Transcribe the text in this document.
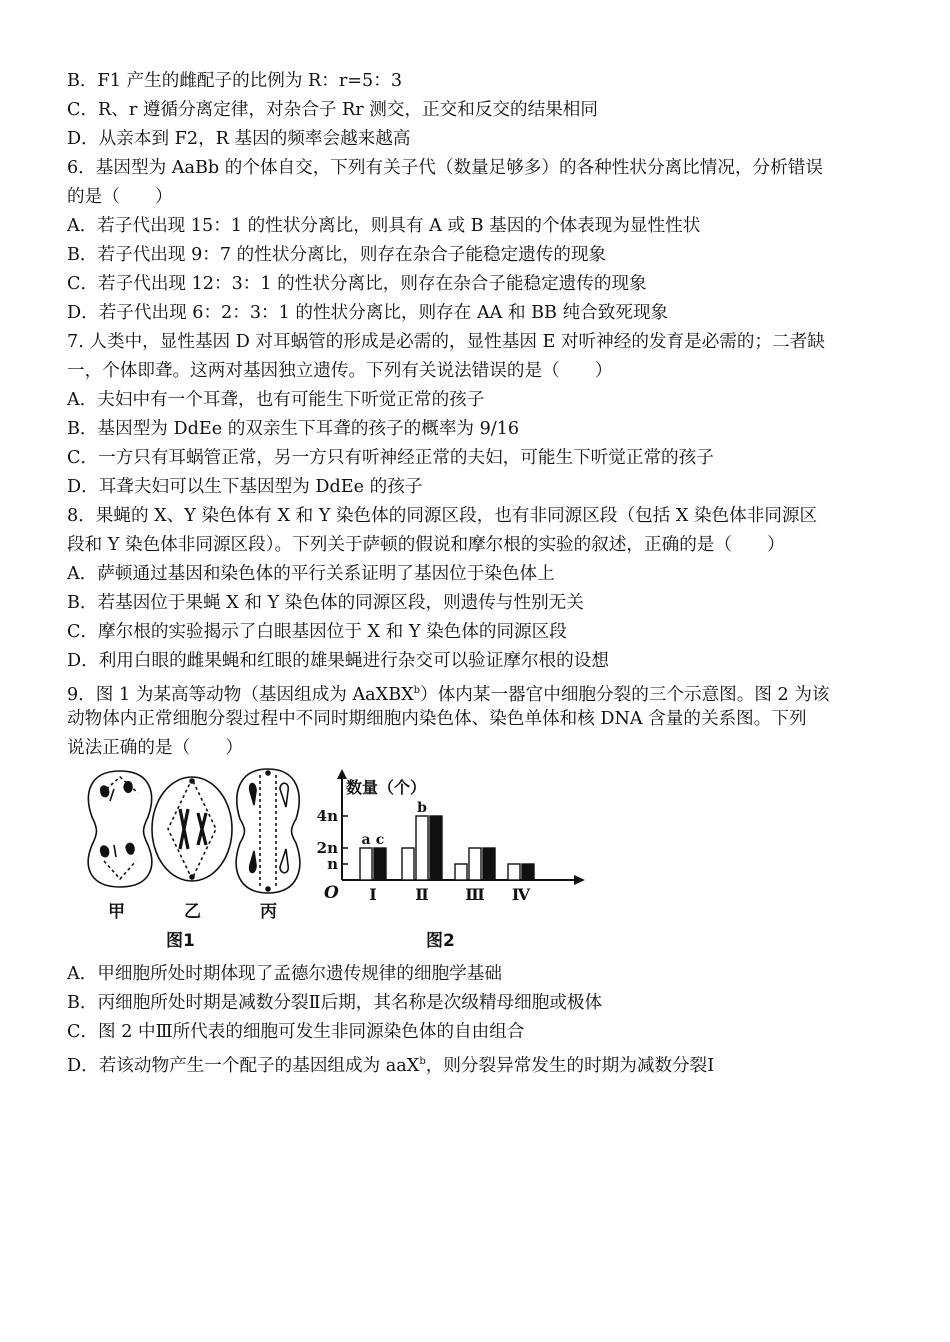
B．F1 产生的雌配子的比例为 R：r=5：3
C．R、r 遵循分离定律，对杂合子 Rr 测交，正交和反交的结果相同
D．从亲本到 F2，R 基因的频率会越来越高
6．基因型为 AaBb 的个体自交，下列有关子代（数量足够多）的各种性状分离比情况，分析错误
的是（　　）
A．若子代出现 15：1 的性状分离比，则具有 A 或 B 基因的个体表现为显性性状
B．若子代出现 9：7 的性状分离比，则存在杂合子能稳定遗传的现象
C．若子代出现 12：3：1 的性状分离比，则存在杂合子能稳定遗传的现象
D．若子代出现 6：2：3：1 的性状分离比，则存在 AA 和 BB 纯合致死现象
7. 人类中，显性基因 D 对耳蜗管的形成是必需的，显性基因 E 对听神经的发育是必需的；二者缺
一，个体即聋。这两对基因独立遗传。下列有关说法错误的是（　　）
A．夫妇中有一个耳聋，也有可能生下听觉正常的孩子
B．基因型为 DdEe 的双亲生下耳聋的孩子的概率为 9/16
C．一方只有耳蜗管正常，另一方只有听神经正常的夫妇，可能生下听觉正常的孩子
D．耳聋夫妇可以生下基因型为 DdEe 的孩子
8．果蝇的 X、Y 染色体有 X 和 Y 染色体的同源区段，也有非同源区段（包括 X 染色体非同源区
段和 Y 染色体非同源区段）。下列关于萨顿的假说和摩尔根的实验的叙述，正确的是（　　）
A．萨顿通过基因和染色体的平行关系证明了基因位于染色体上
B．若基因位于果蝇 X 和 Y 染色体的同源区段，则遗传与性别无关
C．摩尔根的实验揭示了白眼基因位于 X 和 Y 染色体的同源区段
D．利用白眼的雌果蝇和红眼的雄果蝇进行杂交可以验证摩尔根的设想
9．图 1 为某高等动物（基因组成为 AaXBX$^b$）体内某一器官中细胞分裂的三个示意图。图 2 为该
动物体内正常细胞分裂过程中不同时期细胞内染色体、染色单体和核 DNA 含量的关系图。下列
说法正确的是（　　）
甲	乙	丙
图1	图2
数量（个）
O
n
2n
4n
Ⅰ Ⅱ Ⅲ Ⅳ
a
b
c
A．甲细胞所处时期体现了孟德尔遗传规律的细胞学基础
B．丙细胞所处时期是减数分裂Ⅱ后期，其名称是次级精母细胞或极体
C．图 2 中Ⅲ所代表的细胞可发生非同源染色体的自由组合
D．若该动物产生一个配子的基因组成为 aaX$^b$，则分裂异常发生的时期为减数分裂Ⅰ
